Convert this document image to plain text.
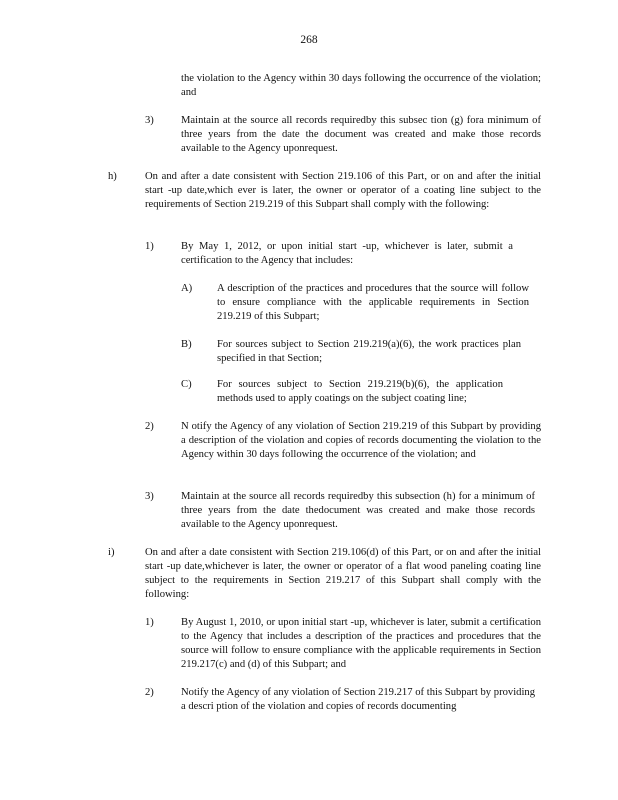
268
the violation to the Agency within 30 days following the occurrence of the violation; and
3)	Maintain at the source all records requiredby this subsec tion (g) fora minimum of three years from the date the document was created and make those records available to the Agency uponrequest.
h)	On and after a date consistent with Section 219.106 of this Part, or on and after the initial start -up date,which ever is later, the owner or operator of a coating line subject to the requirements of Section 219.219 of this Subpart shall comply with the following:
1)	By May 1, 2012, or upon initial start -up, whichever is later, submit a certification to the Agency that includes:
A) A description of the practices and procedures that the source will follow to ensure compliance with the applicable requirements in Section 219.219 of this Subpart;
B) For sources subject to Section 219.219(a)(6), the work practices plan specified in that Section;
C) For sources subject to Section 219.219(b)(6), the application methods used to apply coatings on the subject coating line;
2)	N otify the Agency of any violation of Section 219.219 of this Subpart by providing a description of the violation and copies of records documenting the violation to the Agency within 30 days following the occurrence of the violation; and
3)	Maintain at the source all records requiredby this subsection (h) for a minimum of three years from the date thedocument was created and make those records available to the Agency uponrequest.
i)	On and after a date consistent with Section 219.106(d) of this Part, or on and after the initial start -up date,whichever is later, the owner or operator of a flat wood paneling coating line subject to the requirements in Section 219.217 of this Subpart shall comply with the following:
1)	By August 1, 2010, or upon initial start -up, whichever is later, submit a certification to the Agency that includes a description of the practices and procedures that the source will follow to ensure compliance with the applicable requirements in Section 219.217(c) and (d) of this Subpart; and
2)	Notify the Agency of any violation of Section 219.217 of this Subpart by providing a descri ption of the violation and copies of records documenting
